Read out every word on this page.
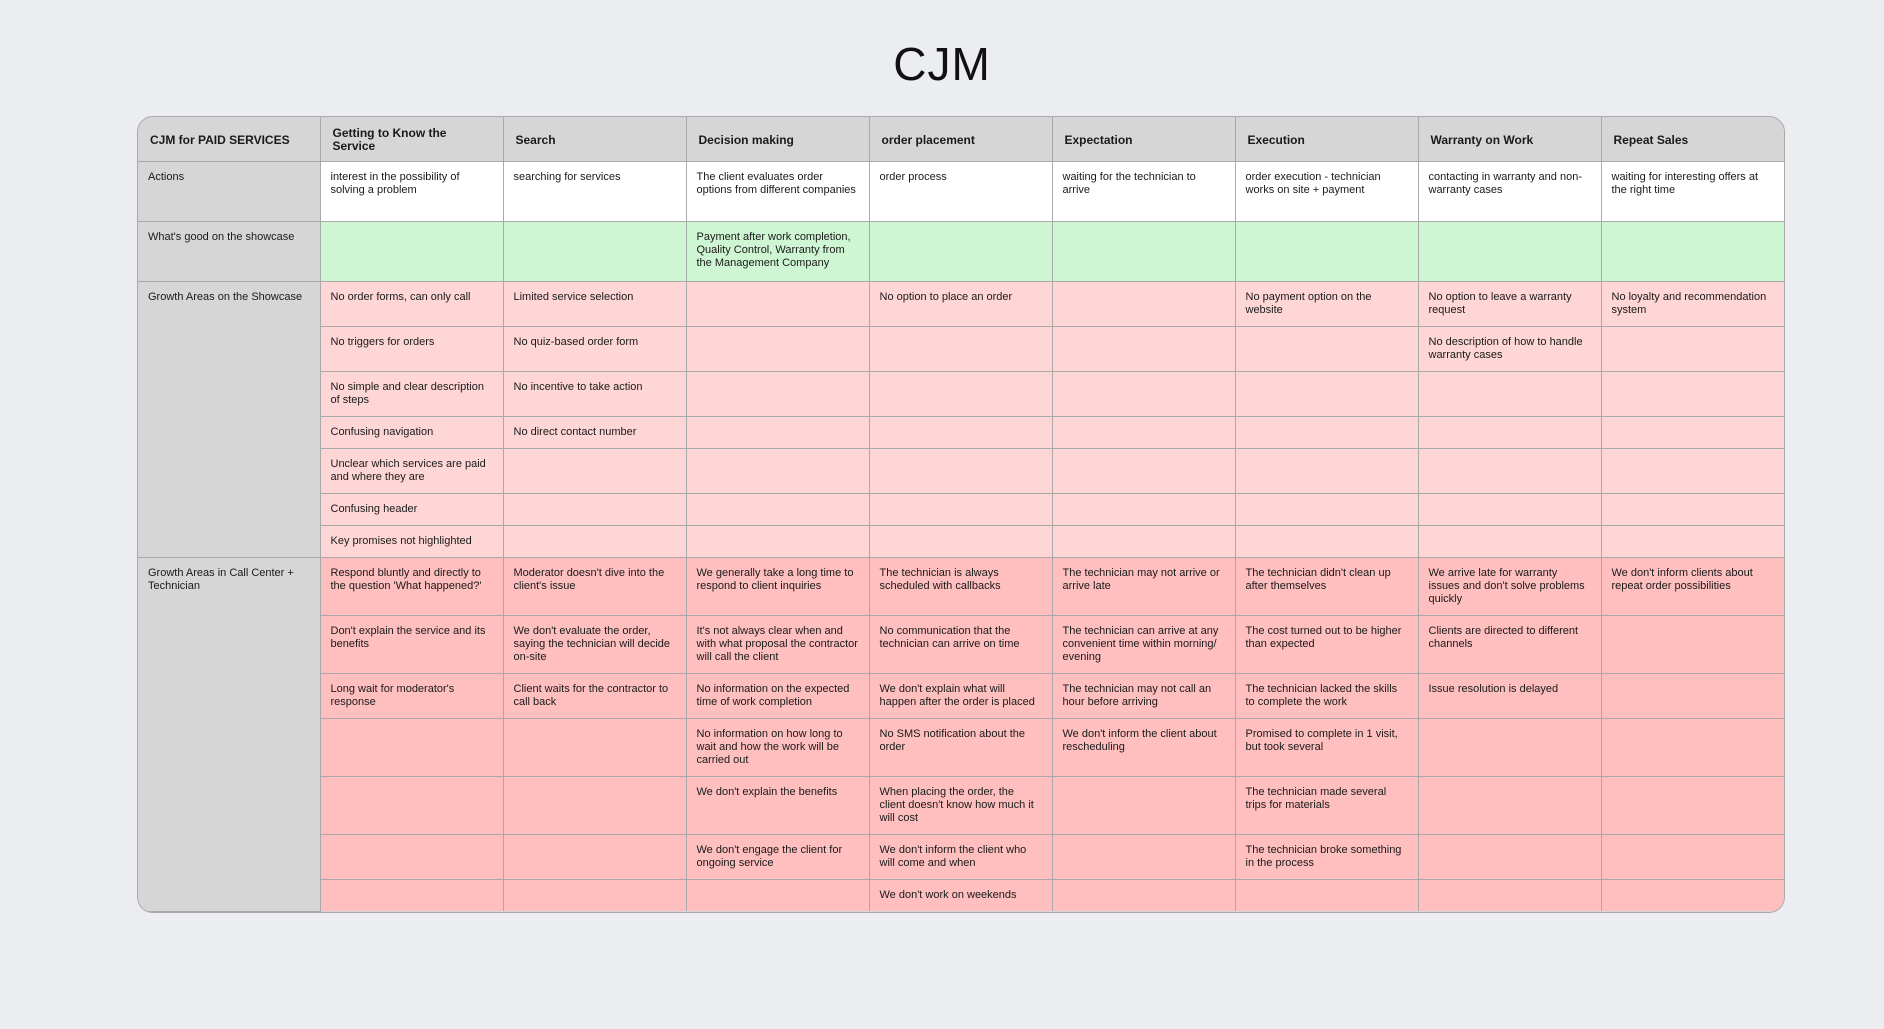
CJM
CJM for PAID SERVICES	Getting to Know the Service	Search	Decision making	order placement	Expectation	Execution	Warranty on Work	Repeat Sales
Actions	interest in the possibility of solving a problem	searching for services	The client evaluates order options from different companies	order process	waiting for the technician to arrive	order execution - technician works on site + payment	contacting in warranty and non-warranty cases	waiting for interesting offers at the right time
What's good on the showcase			Payment after work completion, Quality Control, Warranty from the Management Company					
Growth Areas on the Showcase	No order forms, can only call	Limited service selection		No option to place an order		No payment option on the website	No option to leave a warranty request	No loyalty and recommendation system
	No triggers for orders	No quiz-based order form					No description of how to handle warranty cases	
	No simple and clear description of steps	No incentive to take action						
	Confusing navigation	No direct contact number						
	Unclear which services are paid and where they are							
	Confusing header							
	Key promises not highlighted							
Growth Areas in Call Center + Technician	Respond bluntly and directly to the question 'What happened?'	Moderator doesn't dive into the client's issue	We generally take a long time to respond to client inquiries	The technician is always scheduled with callbacks	The technician may not arrive or arrive late	The technician didn't clean up after themselves	We arrive late for warranty issues and don't solve problems quickly	We don't inform clients about repeat order possibilities
	Don't explain the service and its benefits	We don't evaluate the order, saying the technician will decide on-site	It's not always clear when and with what proposal the contractor will call the client	No communication that the technician can arrive on time	The technician can arrive at any convenient time within morning/ evening	The cost turned out to be higher than expected	Clients are directed to different channels	
	Long wait for moderator's response	Client waits for the contractor to call back	No information on the expected time of work completion	We don't explain what will happen after the order is placed	The technician may not call an hour before arriving	The technician lacked the skills to complete the work	Issue resolution is delayed	
			No information on how long to wait and how the work will be carried out	No SMS notification about the order	We don't inform the client about rescheduling	Promised to complete in 1 visit, but took several		
			We don't explain the benefits	When placing the order, the client doesn't know how much it will cost		The technician made several trips for materials		
			We don't engage the client for ongoing service	We don't inform the client who will come and when		The technician broke something in the process		
				We don't work on weekends				
